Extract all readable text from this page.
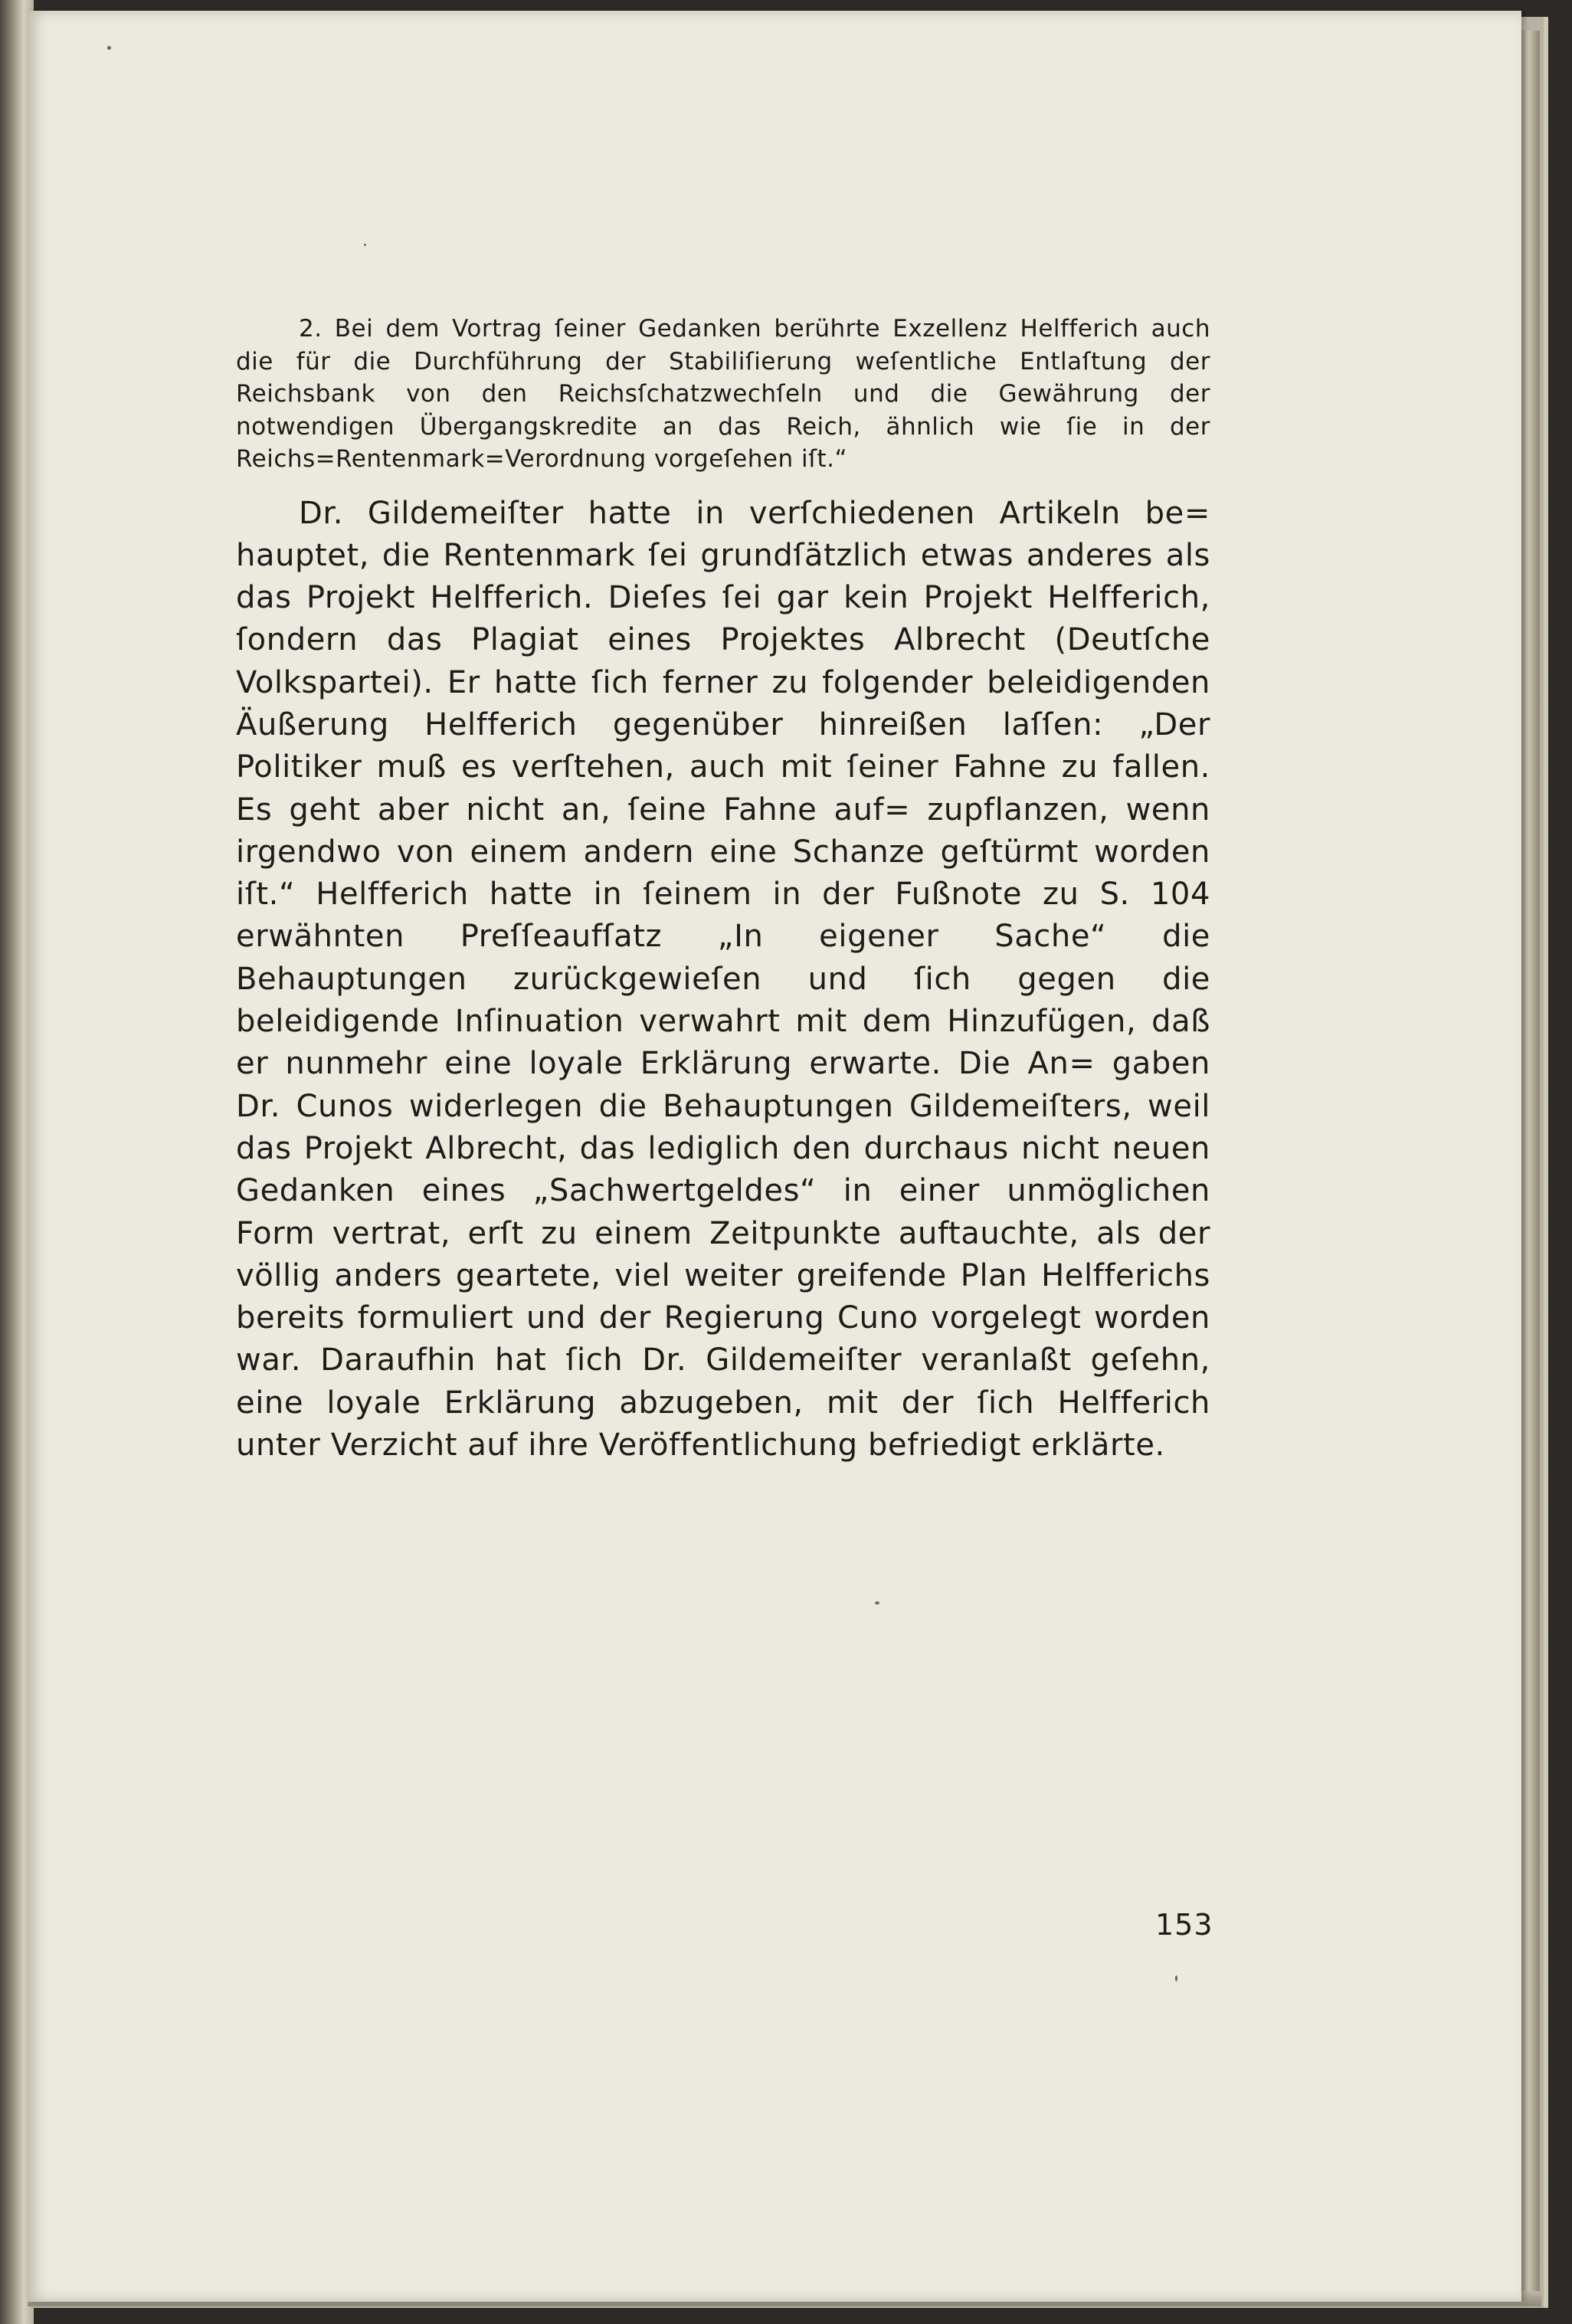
2. Bei dem Vortrag ſeiner Gedanken berührte Exzellenz Helfferich auch die für die Durchführung der Stabiliſierung weſentliche Entlaſtung der Reichsbank von den Reichsſchatzwechſeln und die Gewährung der notwendigen Übergangskredite an das Reich, ähnlich wie ſie in der Reichs=Rentenmark=Verordnung vorgeſehen iſt.“

Dr. Gildemeiſter hatte in verſchiedenen Artikeln be= hauptet, die Rentenmark ſei grundſätzlich etwas anderes als das Projekt Helfferich. Dieſes ſei gar kein Projekt Helfferich, ſondern das Plagiat eines Projektes Albrecht (Deutſche Volkspartei). Er hatte ſich ferner zu folgender beleidigenden Äußerung Helfferich gegenüber hinreißen laſſen: „Der Politiker muß es verſtehen, auch mit ſeiner Fahne zu fallen. Es geht aber nicht an, ſeine Fahne auf= zupflanzen, wenn irgendwo von einem andern eine Schanze geſtürmt worden iſt.“ Helfferich hatte in ſeinem in der Fußnote zu S. 104 erwähnten Preſſeaufſatz „In eigener Sache“ die Behauptungen zurückgewieſen und ſich gegen die beleidigende Inſinuation verwahrt mit dem Hinzufügen, daß er nunmehr eine loyale Erklärung erwarte. Die An= gaben Dr. Cunos widerlegen die Behauptungen Gildemeiſters, weil das Projekt Albrecht, das lediglich den durchaus nicht neuen Gedanken eines „Sachwertgeldes“ in einer unmöglichen Form vertrat, erſt zu einem Zeitpunkte auftauchte, als der völlig anders geartete, viel weiter greifende Plan Helfferichs bereits formuliert und der Regierung Cuno vorgelegt worden war. Daraufhin hat ſich Dr. Gildemeiſter veranlaßt geſehn, eine loyale Erklärung abzugeben, mit der ſich Helfferich unter Verzicht auf ihre Veröffentlichung befriedigt erklärte.

153
